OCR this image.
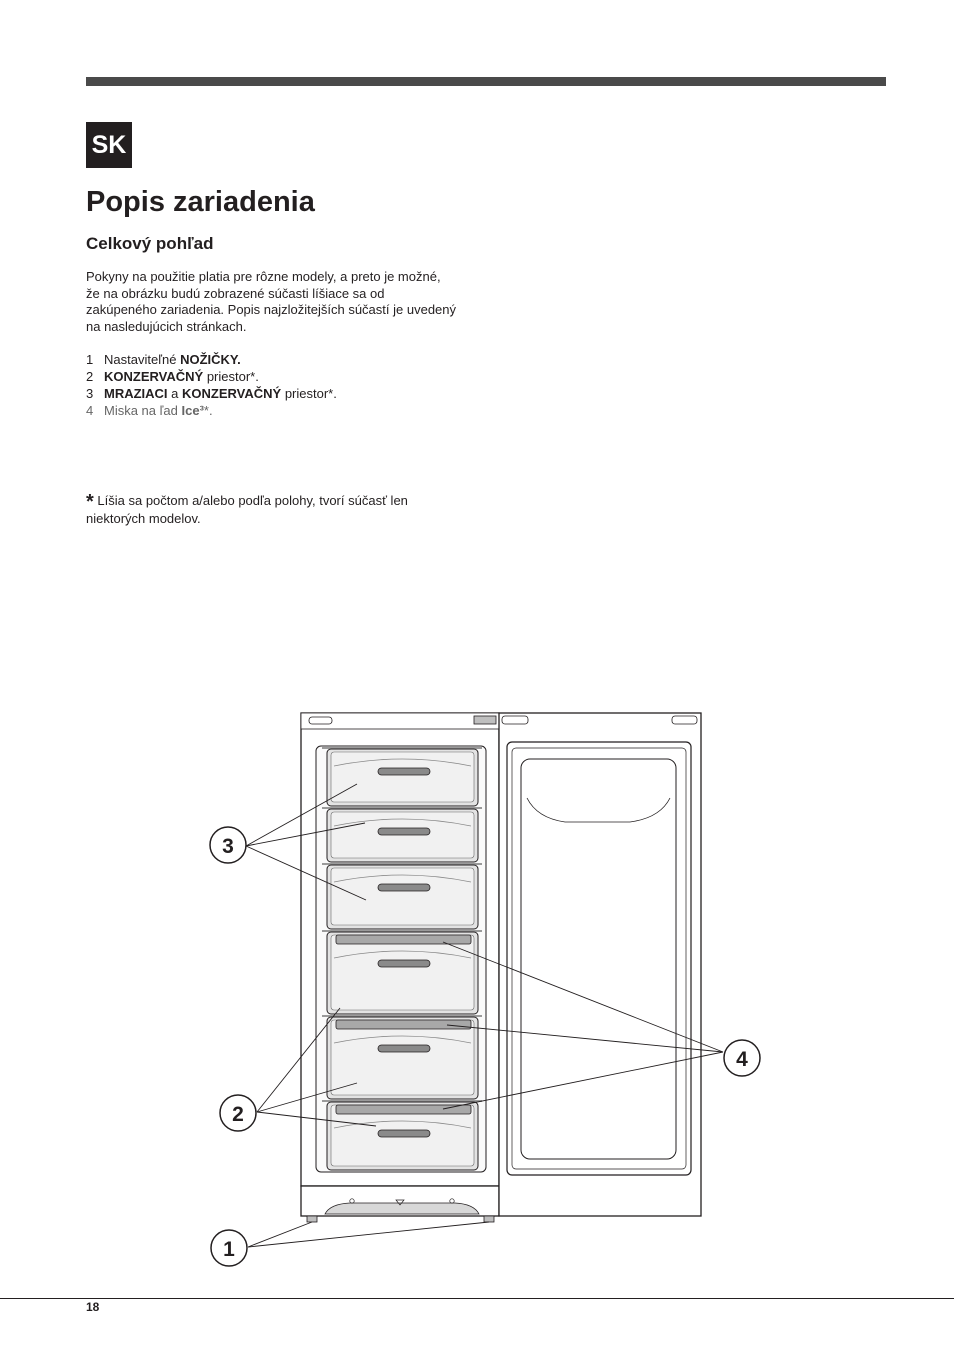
SK
Popis zariadenia
Celkový pohľad

Pokyny na použitie platia pre rôzne modely, a preto je možné, že na obrázku budú zobrazené súčasti líšiace sa od zakúpeného zariadenia. Popis najzložitejších súčastí je uvedený na nasledujúcich stránkach.

1 Nastaviteľné NOŽIČKY.
2 KONZERVAČNÝ priestor*.
3 MRAZIACI a KONZERVAČNÝ priestor*.
4 Miska na ľad Ice³*.

* Líšia sa počtom a/alebo podľa polohy, tvorí súčasť len niektorých modelov.

3
2
4
1
18
